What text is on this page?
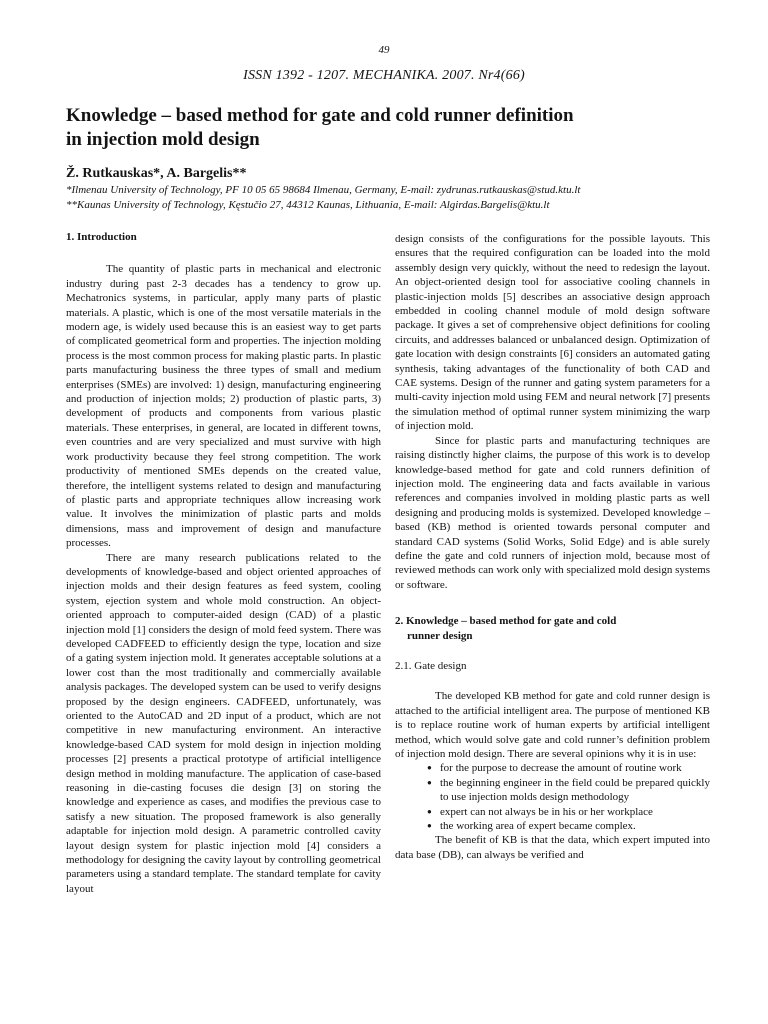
49
ISSN 1392 - 1207. MECHANIKA. 2007. Nr4(66)
Knowledge – based method for gate and cold runner definition
in injection mold design
Ž. Rutkauskas*, A. Bargelis**
*Ilmenau University of Technology, PF 10 05 65 98684 Ilmenau, Germany, E-mail: zydrunas.rutkauskas@stud.ktu.lt
**Kaunas University of Technology, Kęstučio 27, 44312 Kaunas, Lithuania, E-mail: Algirdas.Bargelis@ktu.lt
1. Introduction

The quantity of plastic parts in mechanical and electronic industry during past 2-3 decades has a tendency to grow up. Mechatronics systems, in particular, apply many parts of plastic materials. A plastic, which is one of the most versatile materials in the modern age, is widely used because this is an easiest way to get parts of complicated geometrical form and properties. The injection molding process is the most common process for making plastic parts. In plastic parts manufacturing business the three types of small and medium enterprises (SMEs) are involved: 1) design, manufacturing engineering and production of injection molds; 2) production of plastic parts, 3) development of products and components from various plastic materials. These enterprises, in general, are located in different towns, even countries and are very specialized and must survive with high work productivity because they feel strong competition. The work productivity of mentioned SMEs depends on the created value, therefore, the intelligent systems related to design and manufacturing of plastic parts and appropriate techniques allow increasing work value. It involves the minimization of plastic parts and molds dimensions, mass and improvement of design and manufacture processes.

There are many research publications related to the developments of knowledge-based and object oriented approaches of injection molds and their design features as feed system, cooling system, ejection system and whole mold construction. An object-oriented approach to computer-aided design (CAD) of a plastic injection mold [1] considers the design of mold feed system. There was developed CADFEED to efficiently design the type, location and size of a gating system injection mold. It generates acceptable solutions at a lower cost than the most traditionally and commercially available analysis packages. The developed system can be used to verify designs proposed by the design engineers. CADFEED, unfortunately, was oriented to the AutoCAD and 2D input of a product, which are not competitive in new manufacturing environment. An interactive knowledge-based CAD system for mold design in injection molding processes [2] presents a practical prototype of artificial intelligence design method in molding manufacture. The application of case-based reasoning in die-casting focuses die design [3] on storing the knowledge and experience as cases, and modifies the previous case to satisfy a new situation. The proposed framework is also generally adaptable for injection mold design. A parametric controlled cavity layout design system for plastic injection mold [4] considers a methodology for designing the cavity layout by controlling geometrical parameters using a standard template. The standard template for cavity layout

design consists of the configurations for the possible layouts. This ensures that the required configuration can be loaded into the mold assembly design very quickly, without the need to redesign the layout. An object-oriented design tool for associative cooling channels in plastic-injection molds [5] describes an associative design approach embedded in cooling channel module of mold design software package. It gives a set of comprehensive object definitions for cooling circuits, and addresses balanced or unbalanced design. Optimization of gate location with design constraints [6] considers an automated gating synthesis, taking advantages of the functionality of both CAD and CAE systems. Design of the runner and gating system parameters for a multi-cavity injection mold using FEM and neural network [7] presents the simulation method of optimal runner system minimizing the warp of injection mold.

Since for plastic parts and manufacturing techniques are raising distinctly higher claims, the purpose of this work is to develop knowledge-based method for gate and cold runners definition of injection mold. The engineering data and facts available in various references and companies involved in molding plastic parts as well designing and producing molds is systemized. Developed knowledge – based (KB) method is oriented towards personal computer and standard CAD systems (Solid Works, Solid Edge) and is able surely define the gate and cold runners of injection mold, because most of reviewed methods can work only with specialized mold design systems or software.

2. Knowledge – based method for gate and cold
runner design
2.1. Gate design

The developed KB method for gate and cold runner design is attached to the artificial intelligent area. The purpose of mentioned KB is to replace routine work of human experts by artificial intelligent method, which would solve gate and cold runner’s definition problem of injection mold design. There are several opinions why it is in use:

● for the purpose to decrease the amount of routine work
● the beginning engineer in the field could be prepared quickly to use injection molds design methodology
● expert can not always be in his or her workplace
● the working area of expert became complex.

The benefit of KB is that the data, which expert imputed into data base (DB), can always be verified and
